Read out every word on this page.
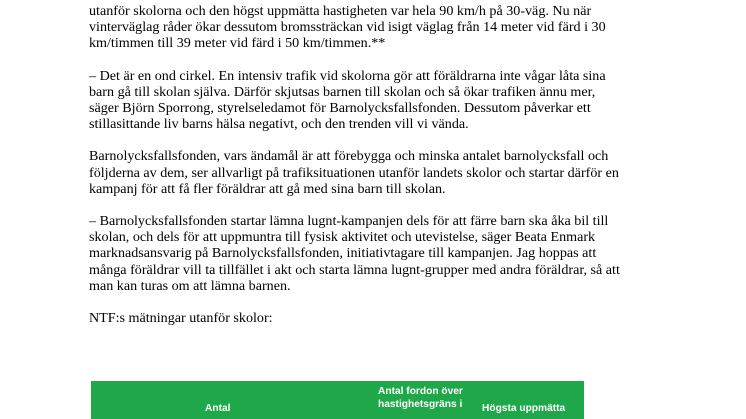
utanför skolorna och den högst uppmätta hastigheten var hela 90 km/h på 30-väg. Nu när
vinterväglag råder ökar dessutom bromssträckan vid isigt väglag från 14 meter vid färd i 30
km/timmen till 39 meter vid färd i 50 km/timmen.**
– Det är en ond cirkel. En intensiv trafik vid skolorna gör att föräldrarna inte vågar låta sina
barn gå till skolan själva. Därför skjutsas barnen till skolan och så ökar trafiken ännu mer,
säger Björn Sporrong, styrelseledamot för Barnolycksfallsfonden. Dessutom påverkar ett
stillasittande liv barns hälsa negativt, och den trenden vill vi vända.
Barnolycksfallsfonden, vars ändamål är att förebygga och minska antalet barnolycksfall och
följderna av dem, ser allvarligt på trafiksituationen utanför landets skolor och startar därför en
kampanj för att få fler föräldrar att gå med sina barn till skolan.
– Barnolycksfallsfonden startar lämna lugnt-kampanjen dels för att färre barn ska åka bil till
skolan, och dels för att uppmuntra till fysisk aktivitet och utevistelse, säger Beata Enmark
marknadsansvarig på Barnolycksfallsfonden, initiativtagare till kampanjen. Jag hoppas att
många föräldrar vill ta tillfället i akt och starta lämna lugnt-grupper med andra föräldrar, så att
man kan turas om att lämna barnen.
NTF:s mätningar utanför skolor:
Antal
Antal fordon över
hastighetsgräns i Högsta uppmätta
